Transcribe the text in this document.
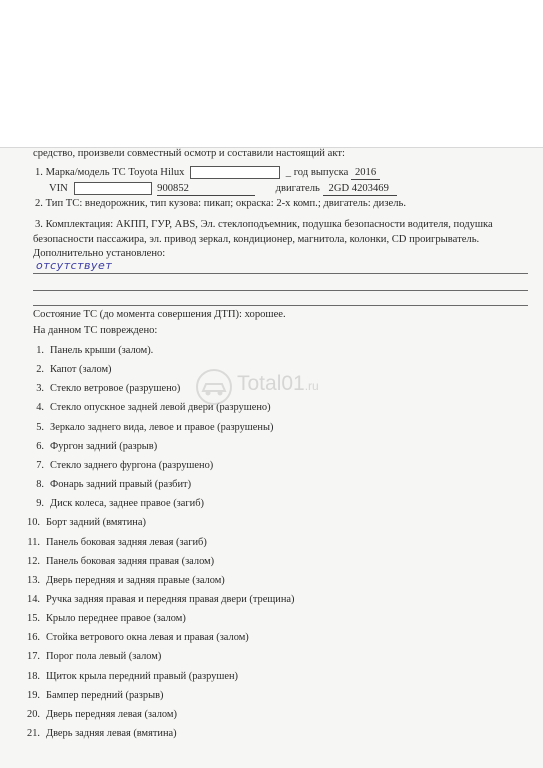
средство, произвели совместный осмотр и составили настоящий акт:
1. Марка/модель ТС Toyota Hilux	_ год выпуска 2016
VIN	900852	двигатель 2GD 4203469
2. Тип ТС: внедорожник, тип кузова: пикап; окраска: 2-х комп.; двигатель: дизель.
3. Комплектация: АКПП, ГУР, ABS, Эл. стеклоподъемник, подушка безопасности водителя, подушка
безопасности пассажира, эл. привод зеркал, кондиционер, магнитола, колонки, CD проигрыватель.
Дополнительно установлено:
отсутствует
Состояние ТС (до момента совершения ДТП): хорошее.
На данном ТС повреждено:
1. Панель крыши (залом).
2. Капот (залом)
3. Стекло ветровое (разрушено)
4. Стекло опускное задней левой двери (разрушено)
5. Зеркало заднего вида, левое и правое (разрушены)
6. Фургон задний (разрыв)
7. Стекло заднего фургона (разрушено)
8. Фонарь задний правый (разбит)
9. Диск колеса, заднее правое (загиб)
10. Борт задний (вмятина)
11. Панель боковая задняя левая (загиб)
12. Панель боковая задняя правая (залом)
13. Дверь передняя и задняя правые (залом)
14. Ручка задняя правая и передняя правая двери (трещина)
15. Крыло переднее правое (залом)
16. Стойка ветрового окна левая и правая (залом)
17. Порог пола левый (залом)
18. Щиток крыла передний правый (разрушен)
19. Бампер передний (разрыв)
20. Дверь передняя левая (залом)
21. Дверь задняя левая (вмятина)
Total01.ru
